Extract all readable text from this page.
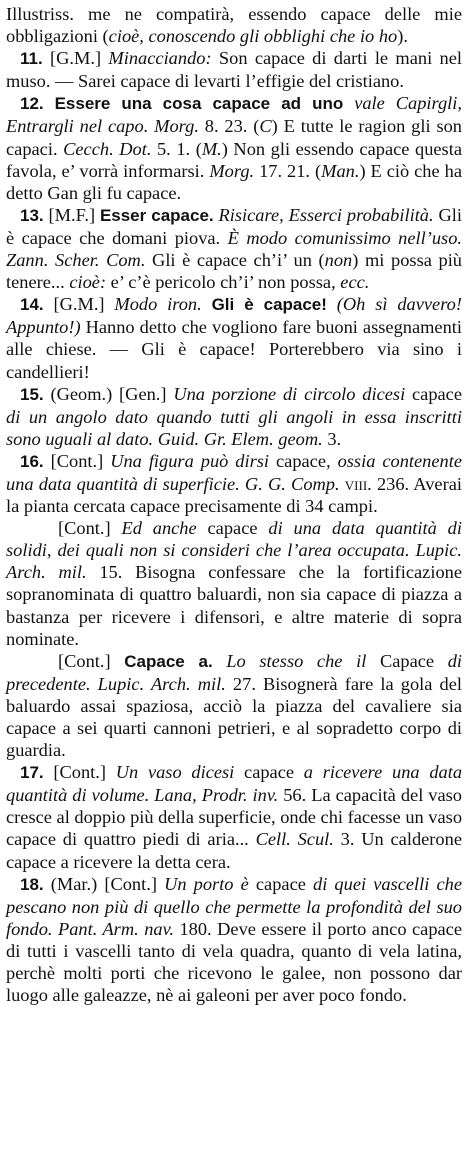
Illustriss. me ne compatirà, essendo capace delle mie obbligazioni (cioè, conoscendo gli obblighi che io ho).

11. [G.M.] Minacciando: Son capace di darti le mani nel muso. — Sarei capace di levarti l’effigie del cristiano.

12. Essere una cosa capace ad uno vale Capirgli, Entrargli nel capo. Morg. 8. 23. (C) E tutte le ragion gli son capaci. Cecch. Dot. 5. 1. (M.) Non gli essendo capace questa favola, e’ vorrà informarsi. Morg. 17. 21. (Man.) E ciò che ha detto Gan gli fu capace.

13. [M.F.] Esser capace. Risicare, Esserci probabilità. Gli è capace che domani piova. È modo comunissimo nell’uso. Zann. Scher. Com. Gli è capace ch’i’ un (non) mi possa più tenere... cioè: e’ c’è pericolo ch’i’ non possa, ecc.

14. [G.M.] Modo iron. Gli è capace! (Oh sì davvero! Appunto!) Hanno detto che vogliono fare buoni assegnamenti alle chiese. — Gli è capace! Porterebbero via sino i candellieri!

15. (Geom.) [Gen.] Una porzione di circolo dicesi capace di un angolo dato quando tutti gli angoli in essa inscritti sono uguali al dato. Guid. Gr. Elem. geom. 3.

16. [Cont.] Una figura può dirsi capace, ossia contenente una data quantità di superficie. G. G. Comp. viii. 236. Averai la pianta cercata capace precisamente di 34 campi.

[Cont.] Ed anche capace di una data quantità di solidi, dei quali non si consideri che l’area occupata. Lupic. Arch. mil. 15. Bisogna confessare che la fortificazione sopranominata di quattro baluardi, non sia capace di piazza a bastanza per ricevere i difensori, e altre materie di sopra nominate.

[Cont.] Capace a. Lo stesso che il Capace di precedente. Lupic. Arch. mil. 27. Bisognerà fare la gola del baluardo assai spaziosa, acciò la piazza del cavaliere sia capace a sei quarti cannoni petrieri, e al sopradetto corpo di guardia.

17. [Cont.] Un vaso dicesi capace a ricevere una data quantità di volume. Lana, Prodr. inv. 56. La capacità del vaso cresce al doppio più della superficie, onde chi facesse un vaso capace di quattro piedi di aria... Cell. Scul. 3. Un calderone capace a ricevere la detta cera.

18. (Mar.) [Cont.] Un porto è capace di quei vascelli che pescano non più di quello che permette la profondità del suo fondo. Pant. Arm. nav. 180. Deve essere il porto anco capace di tutti i vascelli tanto di vela quadra, quanto di vela latina, perchè molti porti che ricevono le galee, non possono dar luogo alle galeazze, nè ai galeoni per aver poco fondo.
